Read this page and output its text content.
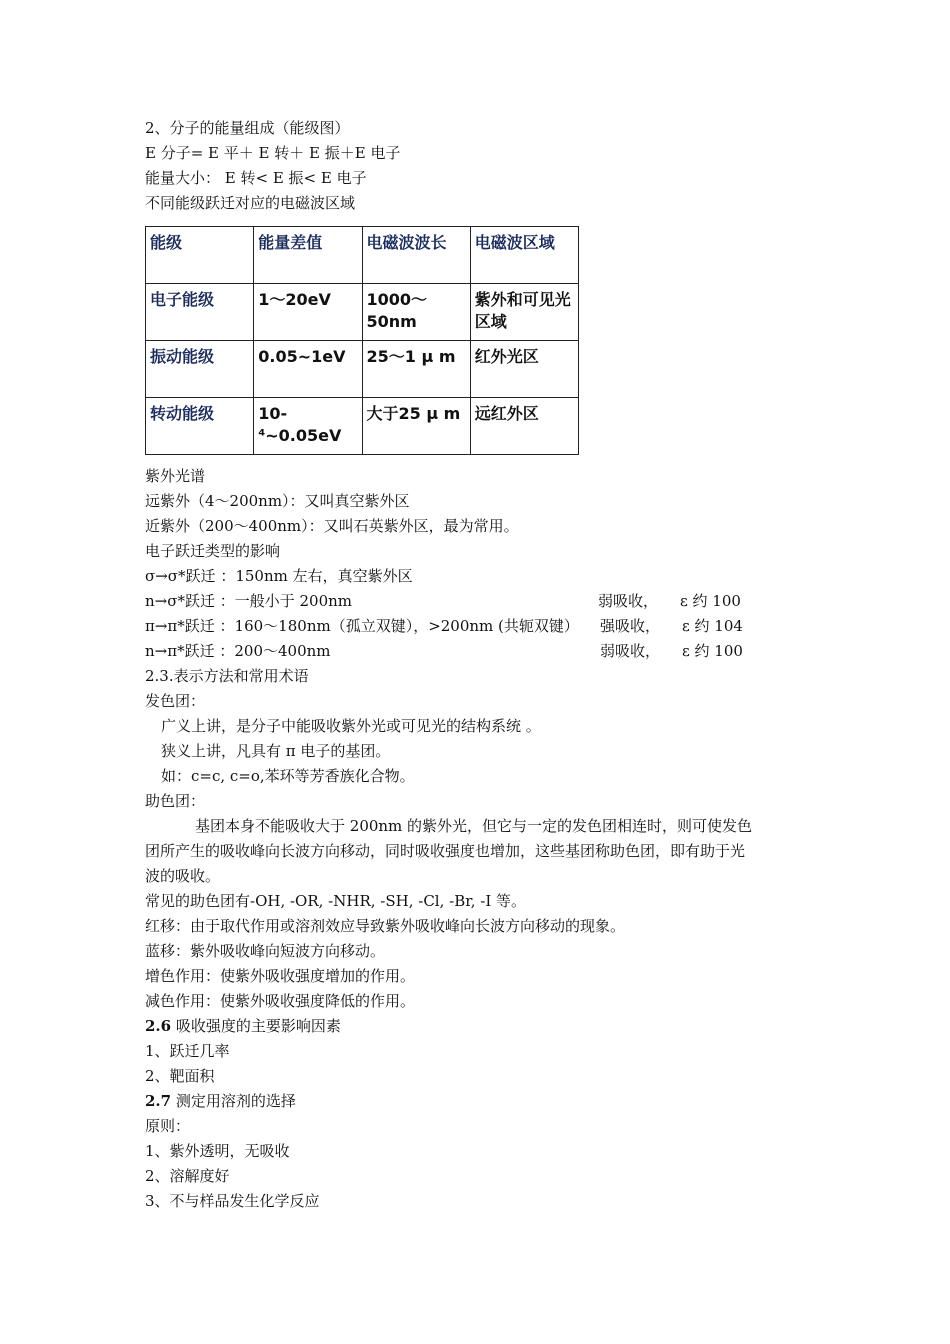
2、分子的能量组成（能级图）
E 分子= E 平＋ E 转＋ E 振＋E 电子
能量大小： E 转< E 振< E 电子
不同能级跃迁对应的电磁波区域
能级	能量差值	电磁波波长	电磁波区域
电子能级	1～20eV	1000～50nm	紫外和可见光区域
振动能级	0.05~1eV	25～1 μ m	红外光区
转动能级	10-⁴~0.05eV	大于25 μ m	远红外区
紫外光谱
远紫外（4～200nm）：又叫真空紫外区
近紫外（200～400nm）：又叫石英紫外区，最为常用。
电子跃迁类型的影响
σ→σ*跃迁 ：150nm 左右，真空紫外区
n→σ*跃迁 ：一般小于 200nm	弱吸收， ε 约 100
π→π*跃迁 ：160～180nm（孤立双键），>200nm (共轭双键） 强吸收， ε 约 104
n→π*跃迁 ：200～400nm	弱吸收， ε 约 100
2.3.表示方法和常用术语
发色团：
广义上讲，是分子中能吸收紫外光或可见光的结构系统 。
狭义上讲，凡具有 π 电子的基团。
如：c=c, c=o,苯环等芳香族化合物。
助色团：
基团本身不能吸收大于 200nm 的紫外光，但它与一定的发色团相连时，则可使发色
团所产生的吸收峰向长波方向移动，同时吸收强度也增加，这些基团称助色团，即有助于光
波的吸收。
常见的助色团有-OH, -OR, -NHR, -SH, -Cl, -Br, -I 等。
红移：由于取代作用或溶剂效应导致紫外吸收峰向长波方向移动的现象。
蓝移：紫外吸收峰向短波方向移动。
增色作用：使紫外吸收强度增加的作用。
减色作用：使紫外吸收强度降低的作用。
2.6 吸收强度的主要影响因素
1、跃迁几率
2、靶面积
2.7 测定用溶剂的选择
原则：
1、紫外透明，无吸收
2、溶解度好
3、不与样品发生化学反应
